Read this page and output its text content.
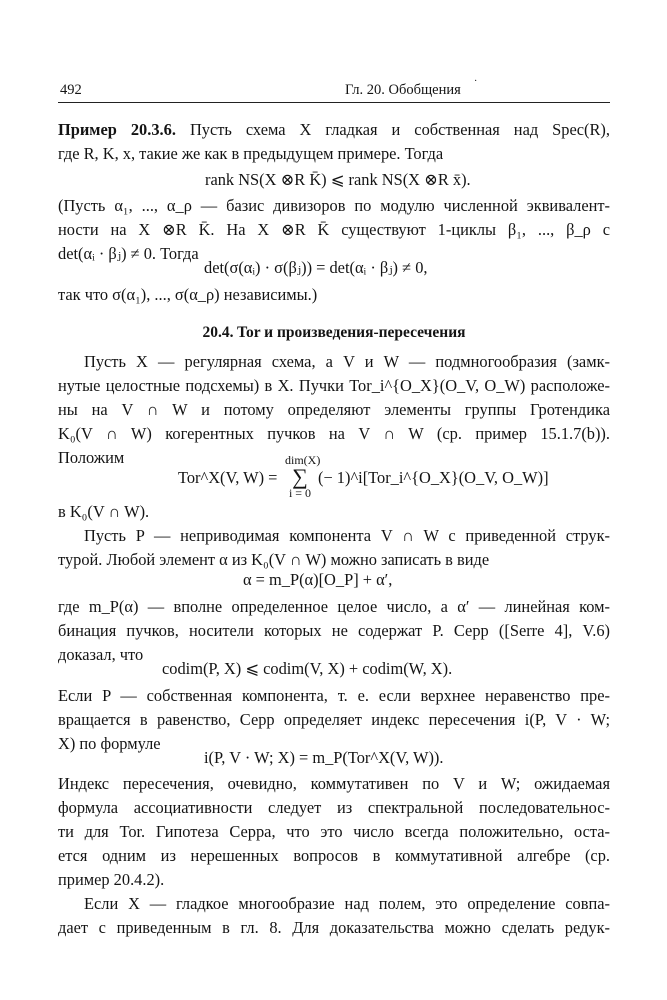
492	Гл. 20. Обобщения
·
Пример 20.3.6. Пусть схема X гладкая и собственная над Spec(R),
где R, K, x, такие же как в предыдущем примере. Тогда
rank NS(X ⊗R K̄) ⩽ rank NS(X ⊗R x̄).
(Пусть α₁, ..., α_ρ — базис дивизоров по модулю численной эквивалент-
ности на X ⊗R K̄. На X ⊗R K̄ существуют 1-циклы β₁, ..., β_ρ с
det(αᵢ · βⱼ) ≠ 0. Тогда
det(σ(αᵢ) · σ(βⱼ)) = det(αᵢ · βⱼ) ≠ 0,
так что σ(α₁), ..., σ(α_ρ) независимы.)
20.4. Tor и произведения-пересечения
Пусть X — регулярная схема, а V и W — подмногообразия (замк-
нутые целостные подсхемы) в X. Пучки Tor_i^{O_X}(O_V, O_W) расположе-
ны на V ∩ W и потому определяют элементы группы Гротендика
K₀(V ∩ W) когерентных пучков на V ∩ W (ср. пример 15.1.7(b)).
Положим
Tor^X(V, W) =
dim(X)
∑
i = 0
(− 1)^i[Tor_i^{O_X}(O_V, O_W)]
в K₀(V ∩ W).
Пусть P — неприводимая компонента V ∩ W с приведенной струк-
турой. Любой элемент α из K₀(V ∩ W) можно записать в виде
α = m_P(α)[O_P] + α′,
где m_P(α) — вполне определенное целое число, а α′ — линейная ком-
бинация пучков, носители которых не содержат P. Серр ([Serre 4], V.6)
доказал, что
codim(P, X) ⩽ codim(V, X) + codim(W, X).
Если P — собственная компонента, т. е. если верхнее неравенство пре-
вращается в равенство, Серр определяет индекс пересечения i(P, V · W;
X) по формуле
i(P, V · W; X) = m_P(Tor^X(V, W)).
Индекс пересечения, очевидно, коммутативен по V и W; ожидаемая
формула ассоциативности следует из спектральной последовательнос-
ти для Tor. Гипотеза Серра, что это число всегда положительно, оста-
ется одним из нерешенных вопросов в коммутативной алгебре (ср.
пример 20.4.2).
Если X — гладкое многообразие над полем, это определение совпа-
дает с приведенным в гл. 8. Для доказательства можно сделать редук-
